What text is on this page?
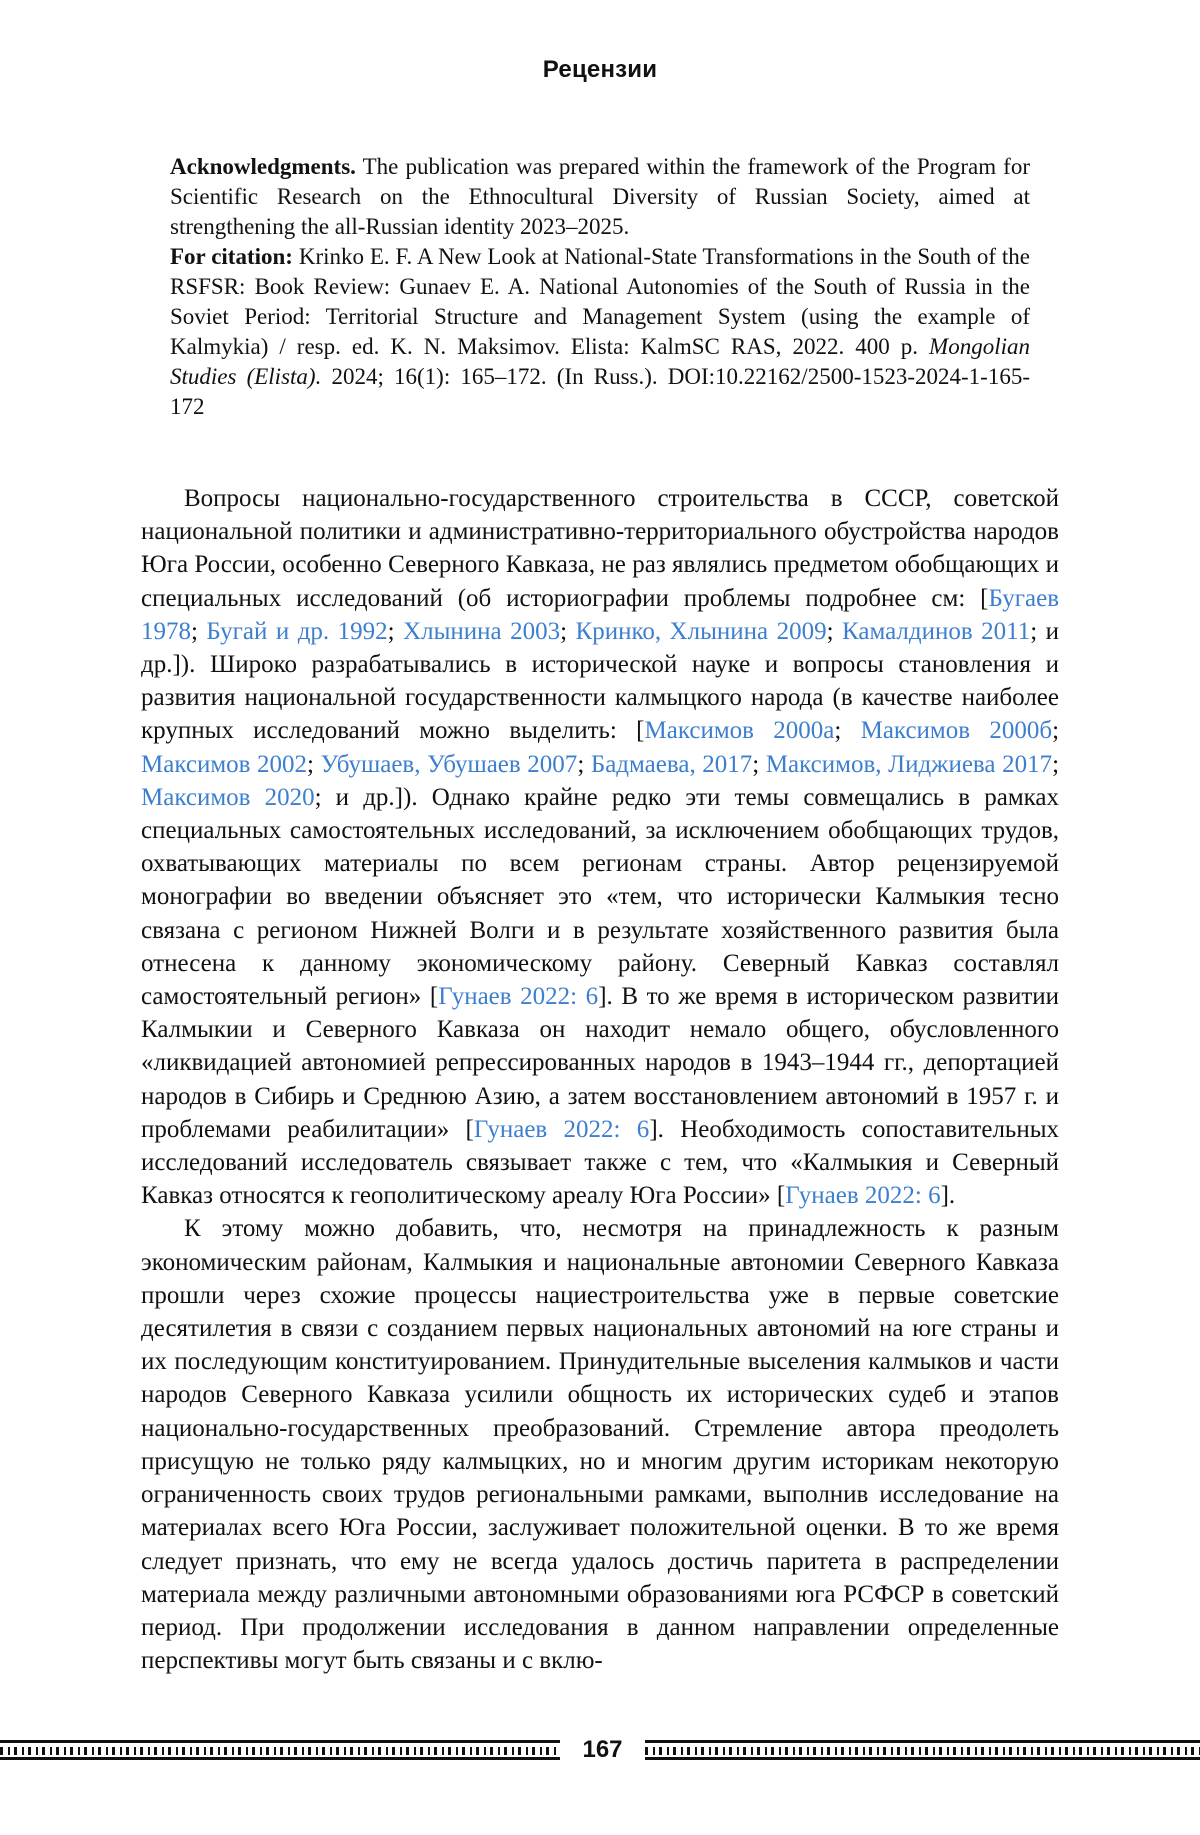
Рецензии

Acknowledgments. The publication was prepared within the framework of the Program for Scientific Research on the Ethnocultural Diversity of Russian Society, aimed at strengthening the all-Russian identity 2023–2025.

For citation: Krinko E. F. A New Look at National-State Transformations in the South of the RSFSR: Book Review: Gunaev E. A. National Autonomies of the South of Russia in the Soviet Period: Territorial Structure and Management System (using the example of Kalmykia) / resp. ed. K. N. Maksimov. Elista: KalmSC RAS, 2022. 400 p. Mongolian Studies (Elista). 2024; 16(1): 165–172. (In Russ.). DOI:10.22162/2500-1523-2024-1-165-172

Вопросы национально-государственного строительства в СССР, советской национальной политики и административно-территориального обустройства народов Юга России, особенно Северного Кавказа, не раз являлись предметом обобщающих и специальных исследований (об историографии проблемы подробнее см: [Бугаев 1978; Бугай и др. 1992; Хлынина 2003; Кринко, Хлынина 2009; Камалдинов 2011; и др.]). Широко разрабатывались в исторической науке и вопросы становления и развития национальной государственности калмыцкого народа (в качестве наиболее крупных исследований можно выделить: [Максимов 2000а; Максимов 2000б; Максимов 2002; Убушаев, Убушаев 2007; Бадмаева, 2017; Максимов, Лиджиева 2017; Максимов 2020; и др.]). Однако крайне редко эти темы совмещались в рамках специальных самостоятельных исследований, за исключением обобщающих трудов, охватывающих материалы по всем регионам страны. Автор рецензируемой монографии во введении объясняет это «тем, что исторически Калмыкия тесно связана с регионом Нижней Волги и в результате хозяйственного развития была отнесена к данному экономическому району. Северный Кавказ составлял самостоятельный регион» [Гунаев 2022: 6]. В то же время в историческом развитии Калмыкии и Северного Кавказа он находит немало общего, обусловленного «ликвидацией автономией репрессированных народов в 1943–1944 гг., депортацией народов в Сибирь и Среднюю Азию, а затем восстановлением автономий в 1957 г. и проблемами реабилитации» [Гунаев 2022: 6]. Необходимость сопоставительных исследований исследователь связывает также с тем, что «Калмыкия и Северный Кавказ относятся к геополитическому ареалу Юга России» [Гунаев 2022: 6].

К этому можно добавить, что, несмотря на принадлежность к разным экономическим районам, Калмыкия и национальные автономии Северного Кавказа прошли через схожие процессы нациестроительства уже в первые советские десятилетия в связи с созданием первых национальных автономий на юге страны и их последующим конституированием. Принудительные выселения калмыков и части народов Северного Кавказа усилили общность их исторических судеб и этапов национально-государственных преобразований. Стремление автора преодолеть присущую не только ряду калмыцких, но и многим другим историкам некоторую ограниченность своих трудов региональными рамками, выполнив исследование на материалах всего Юга России, заслуживает положительной оценки. В то же время следует признать, что ему не всегда удалось достичь паритета в распределении материала между различными автономными образованиями юга РСФСР в советский период. При продолжении исследования в данном направлении определенные перспективы могут быть связаны и с вклю-

167
